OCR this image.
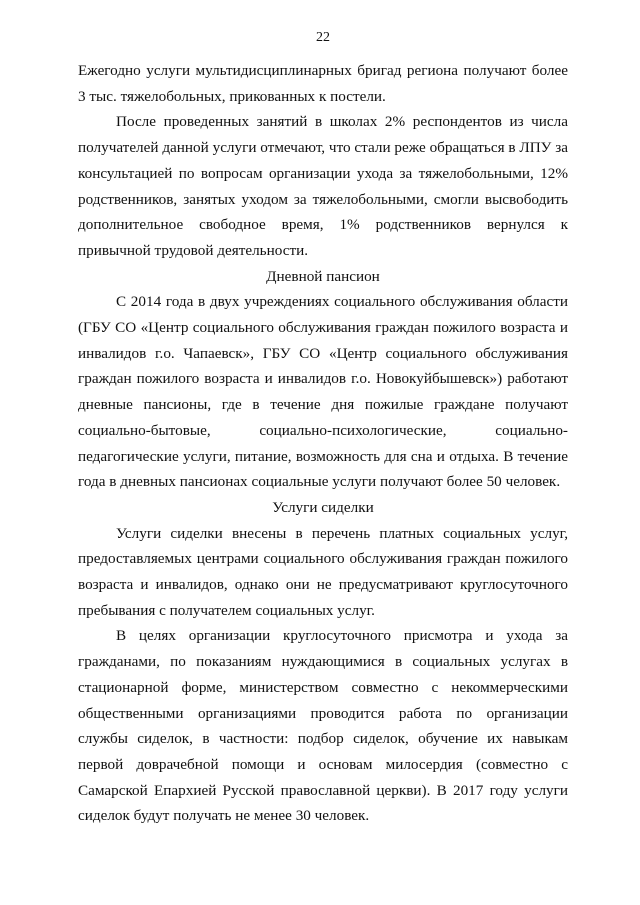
22

Ежегодно услуги мультидисциплинарных бригад региона получают более 3 тыс. тяжелобольных, прикованных к постели.

После проведенных занятий в школах 2% респондентов из числа получателей данной услуги отмечают, что стали реже обращаться в ЛПУ за консультацией по вопросам организации ухода за тяжелобольными, 12% родственников, занятых уходом за тяжелобольными, смогли высвободить дополнительное свободное время, 1% родственников вернулся к привычной трудовой деятельности.

Дневной пансион

С 2014 года в двух учреждениях социального обслуживания области (ГБУ СО «Центр социального обслуживания граждан пожилого возраста и инвалидов г.о. Чапаевск», ГБУ СО «Центр социального обслуживания граждан пожилого возраста и инвалидов г.о. Новокуйбышевск») работают дневные пансионы, где в течение дня пожилые граждане получают социально-бытовые, социально-психологические, социально-педагогические услуги, питание, возможность для сна и отдыха. В течение года в дневных пансионах социальные услуги получают более 50 человек.

Услуги сиделки

Услуги сиделки внесены в перечень платных социальных услуг, предоставляемых центрами социального обслуживания граждан пожилого возраста и инвалидов, однако они не предусматривают круглосуточного пребывания с получателем социальных услуг.

В целях организации круглосуточного присмотра и ухода за гражданами, по показаниям нуждающимися в социальных услугах в стационарной форме, министерством совместно с некоммерческими общественными организациями проводится работа по организации службы сиделок, в частности: подбор сиделок, обучение их навыкам первой доврачебной помощи и основам милосердия (совместно с Самарской Епархией Русской православной церкви). В 2017 году услуги сиделок будут получать не менее 30 человек.
